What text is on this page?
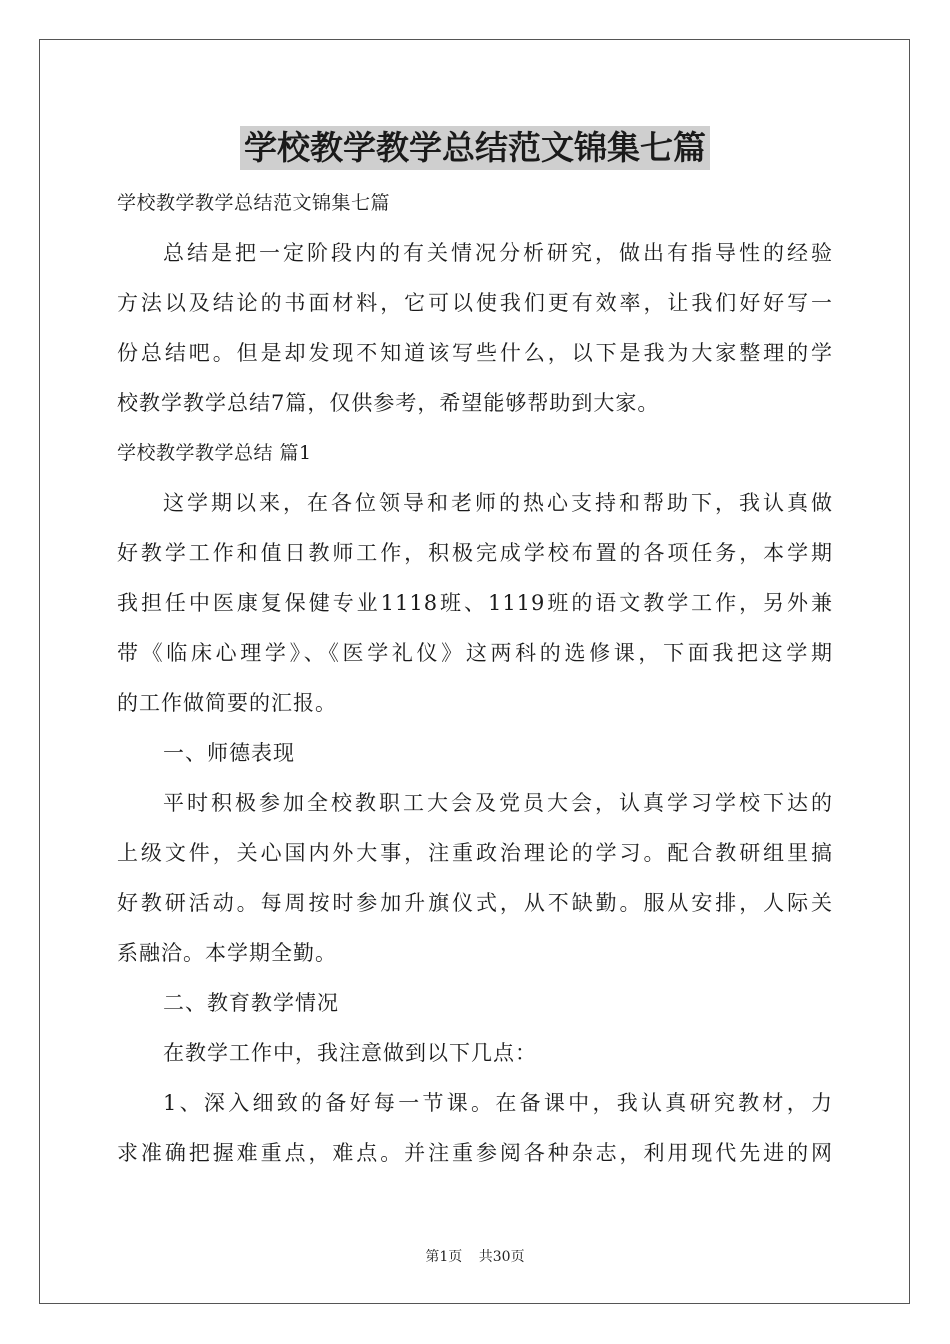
学校教学教学总结范文锦集七篇
学校教学教学总结范文锦集七篇
总结是把一定阶段内的有关情况分析研究，做出有指导性的经验
方法以及结论的书面材料，它可以使我们更有效率，让我们好好写一
份总结吧。但是却发现不知道该写些什么，以下是我为大家整理的学
校教学教学总结7篇，仅供参考，希望能够帮助到大家。
学校教学教学总结 篇1
这学期以来，在各位领导和老师的热心支持和帮助下，我认真做
好教学工作和值日教师工作，积极完成学校布置的各项任务，本学期
我担任中医康复保健专业1118班、1119班的语文教学工作，另外兼
带《临床心理学》、《医学礼仪》这两科的选修课，下面我把这学期
的工作做简要的汇报。
一、师德表现
平时积极参加全校教职工大会及党员大会，认真学习学校下达的
上级文件，关心国内外大事，注重政治理论的学习。配合教研组里搞
好教研活动。每周按时参加升旗仪式，从不缺勤。服从安排，人际关
系融洽。本学期全勤。
二、教育教学情况
在教学工作中，我注意做到以下几点：
1、深入细致的备好每一节课。在备课中，我认真研究教材，力
求准确把握难重点，难点。并注重参阅各种杂志，利用现代先进的网
第1页 共30页
